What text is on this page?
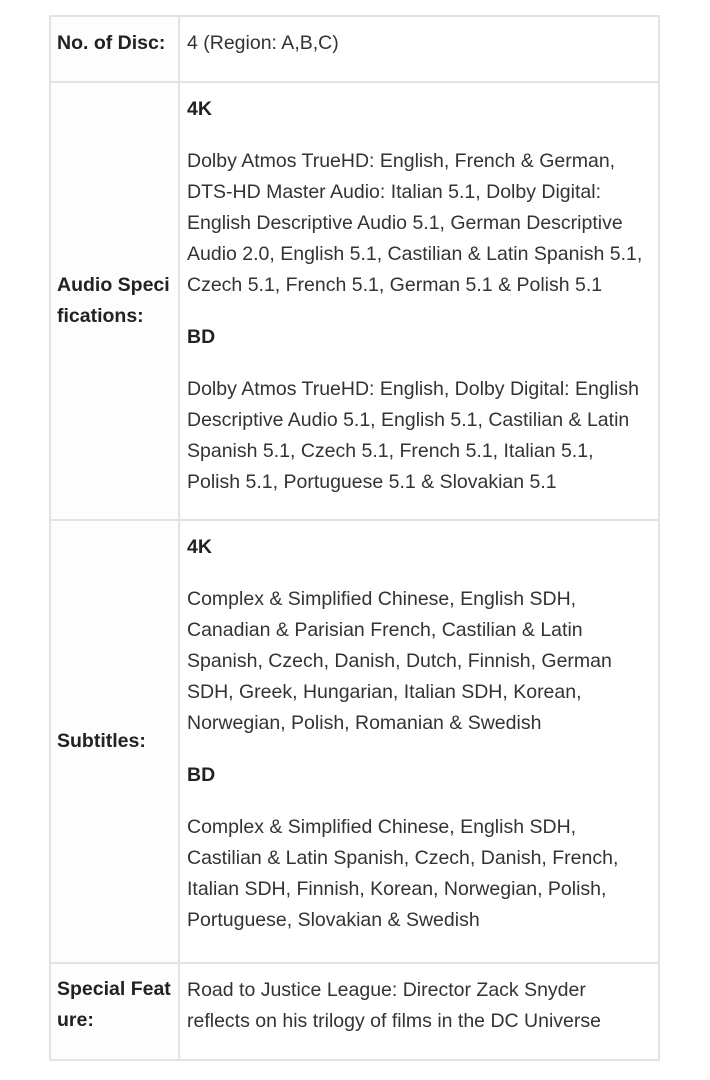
No. of Disc:	4 (Region: A,B,C)

Audio Specifications:	4K

Dolby Atmos TrueHD: English, French & German, DTS-HD Master Audio: Italian 5.1, Dolby Digital: English Descriptive Audio 5.1, German Descriptive Audio 2.0, English 5.1, Castilian & Latin Spanish 5.1, Czech 5.1, French 5.1, German 5.1 & Polish 5.1

BD

Dolby Atmos TrueHD: English, Dolby Digital: English Descriptive Audio 5.1, English 5.1, Castilian & Latin Spanish 5.1, Czech 5.1, French 5.1, Italian 5.1, Polish 5.1, Portuguese 5.1 & Slovakian 5.1

Subtitles:	4K

Complex & Simplified Chinese, English SDH, Canadian & Parisian French, Castilian & Latin Spanish, Czech, Danish, Dutch, Finnish, German SDH, Greek, Hungarian, Italian SDH, Korean, Norwegian, Polish, Romanian & Swedish

BD

Complex & Simplified Chinese, English SDH, Castilian & Latin Spanish, Czech, Danish, French, Italian SDH, Finnish, Korean, Norwegian, Polish, Portuguese, Slovakian & Swedish

Special Feature:	Road to Justice League: Director Zack Snyder reflects on his trilogy of films in the DC Universe
